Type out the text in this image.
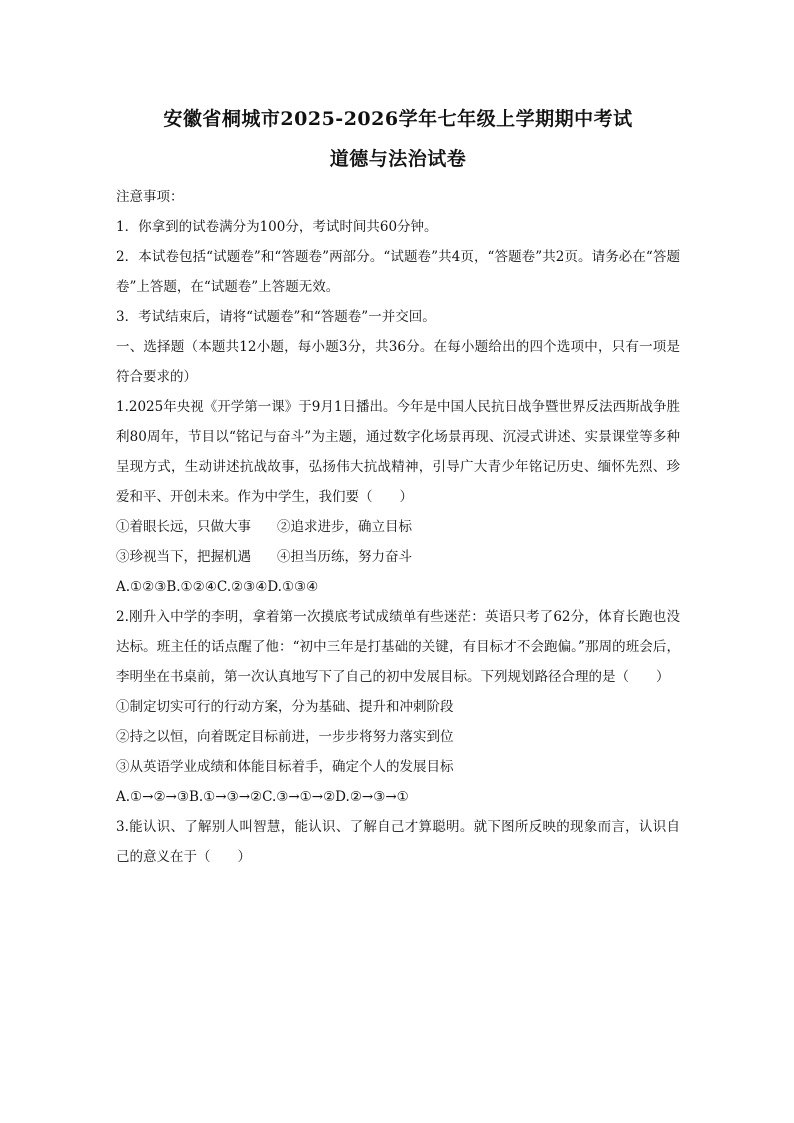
安徽省桐城市2025-2026学年七年级上学期期中考试
道德与法治试卷

注意事项：

1．你拿到的试卷满分为100分，考试时间共60分钟。

2．本试卷包括“试题卷”和“答题卷”两部分。“试题卷”共4页，“答题卷”共2页。请务必在“答题卷”上答题，在“试题卷”上答题无效。

3．考试结束后，请将“试题卷”和“答题卷”一并交回。

一、选择题（本题共12小题，每小题3分，共36分。在每小题给出的四个选项中，只有一项是符合要求的）

1.2025年央视《开学第一课》于9月1日播出。今年是中国人民抗日战争暨世界反法西斯战争胜利80周年，节目以“铭记与奋斗”为主题，通过数字化场景再现、沉浸式讲述、实景课堂等多种呈现方式，生动讲述抗战故事，弘扬伟大抗战精神，引导广大青少年铭记历史、缅怀先烈、珍爱和平、开创未来。作为中学生，我们要（　　）

①着眼长远，只做大事 ②追求进步，确立目标

③珍视当下，把握机遇 ④担当历练，努力奋斗

A.①②③B.①②④C.②③④D.①③④

2.刚升入中学的李明，拿着第一次摸底考试成绩单有些迷茫：英语只考了62分，体育长跑也没达标。班主任的话点醒了他：“初中三年是打基础的关键，有目标才不会跑偏。”那周的班会后，李明坐在书桌前，第一次认真地写下了自己的初中发展目标。下列规划路径合理的是（　　）

①制定切实可行的行动方案，分为基础、提升和冲刺阶段

②持之以恒，向着既定目标前进，一步步将努力落实到位

③从英语学业成绩和体能目标着手，确定个人的发展目标

A.①→②→③B.①→③→②C.③→①→②D.②→③→①

3.能认识、了解别人叫智慧，能认识、了解自己才算聪明。就下图所反映的现象而言，认识自己的意义在于（　　）
